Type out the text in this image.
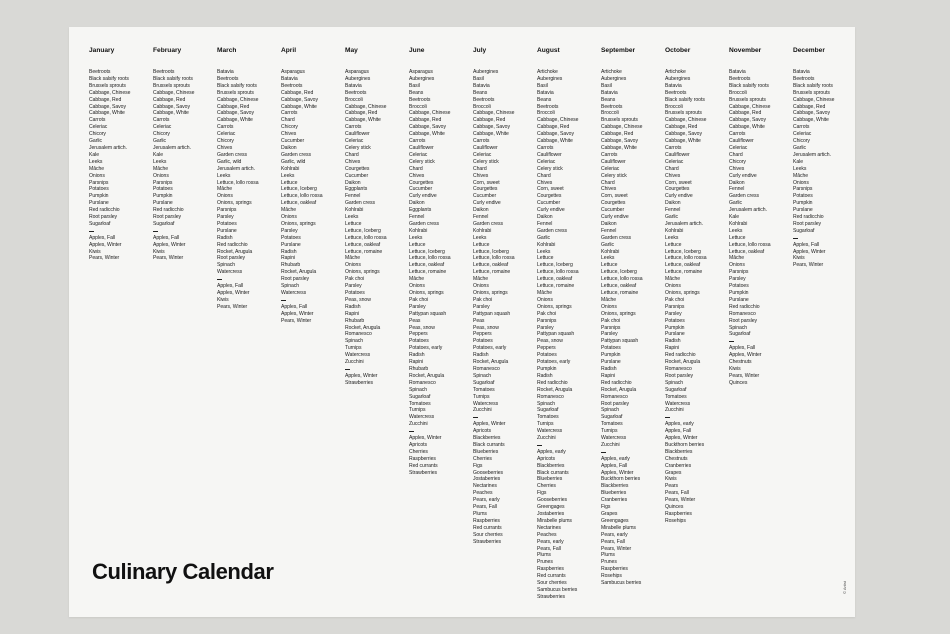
January
Beetroots
Black salsify roots
Brussels sprouts
Cabbage, Chinese
Cabbage, Red
Cabbage, Savoy
Cabbage, White
Carrots
Celeriac
Chicory
Garlic
Jerusalem artich.
Kale
Leeks
Mâche
Onions
Parsnips
Potatoes
Pumpkin
Purslane
Red radicchio
Root parsley
Sugarloaf
Apples, Fall
Apples, Winter
Kiwis
Pears, Winter
February
Beetroots
Black salsify roots
Brussels sprouts
Cabbage, Chinese
Cabbage, Red
Cabbage, Savoy
Cabbage, White
Carrots
Celeriac
Chicory
Garlic
Jerusalem artich.
Kale
Leeks
Mâche
Onions
Parsnips
Potatoes
Pumpkin
Purslane
Red radicchio
Root parsley
Sugarloaf
Apples, Fall
Apples, Winter
Kiwis
Pears, Winter
March
Batavia
Beetroots
Black salsify roots
Brussels sprouts
Cabbage, Chinese
Cabbage, Red
Cabbage, Savoy
Cabbage, White
Carrots
Celeriac
Chicory
Chives
Garden cress
Garlic, wild
Jerusalem artich.
Leeks
Lettuce, lollo rossa
Mâche
Onions
Onions, springs
Parsnips
Parsley
Potatoes
Purslane
Radish
Red radicchio
Rocket, Arugula
Root parsley
Spinach
Watercress
Apples, Fall
Apples, Winter
Kiwis
Pears, Winter
April
Asparagus
Batavia
Beetroots
Cabbage, Red
Cabbage, Savoy
Cabbage, White
Carrots
Chard
Chicory
Chives
Cucumber
Daikon
Garden cress
Garlic, wild
Kohlrabi
Leeks
Lettuce
Lettuce, Iceberg
Lettuce, lollo rossa
Lettuce, oakleaf
Mâche
Onions
Onions, springs
Parsley
Potatoes
Purslane
Radish
Rapini
Rhubarb
Rocket, Arugula
Root parsley
Spinach
Watercress
Apples, Fall
Apples, Winter
Pears, Winter
May
Asparagus
Aubergines
Batavia
Beetroots
Broccoli
Cabbage, Chinese
Cabbage, Red
Cabbage, White
Carrots
Cauliflower
Celeriac
Celery stick
Chard
Chives
Courgettes
Cucumber
Daikon
Eggplants
Fennel
Garden cress
Kohlrabi
Leeks
Lettuce
Lettuce, Iceberg
Lettuce, lollo rossa
Lettuce, oakleaf
Lettuce, romaine
Mâche
Onions
Onions, springs
Pak choi
Parsley
Potatoes
Peas, snow
Radish
Rapini
Rhubarb
Rocket, Arugula
Romanesco
Spinach
Turnips
Watercress
Zucchini
Apples, Winter
Strawberries
June
Asparagus
Aubergines
Basil
Beans
Beetroots
Broccoli
Cabbage, Chinese
Cabbage, Red
Cabbage, Savoy
Cabbage, White
Carrots
Cauliflower
Celeriac
Celery stick
Chard
Chives
Courgettes
Cucumber
Curly endive
Daikon
Eggplants
Fennel
Garden cress
Kohlrabi
Leeks
Lettuce
Lettuce, Iceberg
Lettuce, lollo rossa
Lettuce, oakleaf
Lettuce, romaine
Mâche
Onions
Onions, springs
Pak choi
Parsley
Pattypan squash
Peas
Peas, snow
Peppers
Potatoes
Potatoes, early
Radish
Rapini
Rhubarb
Rocket, Arugula
Romanesco
Spinach
Sugarloaf
Tomatoes
Turnips
Watercress
Zucchini
Apples, Winter
Apricots
Cherries
Raspberries
Red currants
Strawberries
July
Aubergines
Basil
Batavia
Beans
Beetroots
Broccoli
Cabbage, Chinese
Cabbage, Red
Cabbage, Savoy
Cabbage, White
Carrots
Cauliflower
Celeriac
Celery stick
Chard
Chives
Corn, sweet
Courgettes
Cucumber
Curly endive
Daikon
Fennel
Garden cress
Kohlrabi
Leeks
Lettuce
Lettuce, Iceberg
Lettuce, lollo rossa
Lettuce, oakleaf
Lettuce, romaine
Mâche
Onions
Onions, springs
Pak choi
Parsley
Pattypan squash
Peas
Peas, snow
Peppers
Potatoes
Potatoes, early
Radish
Rocket, Arugula
Romanesco
Spinach
Sugarloaf
Tomatoes
Turnips
Watercress
Zucchini
Apples, Winter
Apricots
Blackberries
Black currants
Blueberries
Cherries
Figs
Gooseberries
Jostaberries
Nectarines
Peaches
Pears, early
Pears, Fall
Plums
Raspberries
Red currants
Sour cherries
Strawberries
August
Artichoke
Aubergines
Basil
Batavia
Beans
Beetroots
Broccoli
Cabbage, Chinese
Cabbage, Red
Cabbage, Savoy
Cabbage, White
Carrots
Cauliflower
Celeriac
Celery stick
Chard
Chives
Corn, sweet
Courgettes
Cucumber
Curly endive
Daikon
Fennel
Garden cress
Garlic
Kohlrabi
Leeks
Lettuce
Lettuce, Iceberg
Lettuce, lollo rossa
Lettuce, oakleaf
Lettuce, romaine
Mâche
Onions
Onions, springs
Pak choi
Parsnips
Parsley
Pattypan squash
Peas, snow
Peppers
Potatoes
Potatoes, early
Pumpkin
Radish
Red radicchio
Rocket, Arugula
Romanesco
Spinach
Sugarloaf
Tomatoes
Turnips
Watercress
Zucchini
Apples, early
Apricots
Blackberries
Black currants
Blueberries
Cherries
Figs
Gooseberries
Greengages
Jostaberries
Mirabelle plums
Nectarines
Peaches
Pears, early
Pears, Fall
Plums
Prunes
Raspberries
Red currants
Sour cherries
Sambucus berries
Strawberries
September
Artichoke
Aubergines
Basil
Batavia
Beans
Beetroots
Broccoli
Brussels sprouts
Cabbage, Chinese
Cabbage, Red
Cabbage, Savoy
Cabbage, White
Carrots
Cauliflower
Celeriac
Celery stick
Chard
Chives
Corn, sweet
Courgettes
Cucumber
Curly endive
Daikon
Fennel
Garden cress
Garlic
Kohlrabi
Leeks
Lettuce
Lettuce, Iceberg
Lettuce, lollo rossa
Lettuce, oakleaf
Lettuce, romaine
Mâche
Onions
Onions, springs
Pak choi
Parsnips
Parsley
Pattypan squash
Potatoes
Pumpkin
Purslane
Radish
Rapini
Red radicchio
Rocket, Arugula
Romanesco
Root parsley
Spinach
Sugarloaf
Tomatoes
Turnips
Watercress
Zucchini
Apples, early
Apples, Fall
Apples, Winter
Buckthorn berries
Blackberries
Blueberries
Cranberries
Figs
Grapes
Greengages
Mirabelle plums
Pears, early
Pears, Fall
Pears, Winter
Plums
Prunes
Raspberries
Rosehips
Sambucus berries
October
Artichoke
Aubergines
Batavia
Beetroots
Black salsify roots
Broccoli
Brussels sprouts
Cabbage, Chinese
Cabbage, Red
Cabbage, Savoy
Cabbage, White
Carrots
Cauliflower
Celeriac
Chard
Chives
Corn, sweet
Courgettes
Curly endive
Daikon
Fennel
Garlic
Jerusalem artich.
Kohlrabi
Leeks
Lettuce
Lettuce, Iceberg
Lettuce, lollo rossa
Lettuce, oakleaf
Lettuce, romaine
Mâche
Onions
Onions, springs
Pak choi
Parsnips
Parsley
Potatoes
Pumpkin
Purslane
Radish
Rapini
Red radicchio
Rocket, Arugula
Romanesco
Root parsley
Spinach
Sugarloaf
Tomatoes
Watercress
Zucchini
Apples, early
Apples, Fall
Apples, Winter
Buckthorn berries
Blackberries
Chestnuts
Cranberries
Grapes
Kiwis
Pears
Pears, Fall
Pears, Winter
Quinces
Raspberries
Rosehips
November
Batavia
Beetroots
Black salsify roots
Broccoli
Brussels sprouts
Cabbage, Chinese
Cabbage, Red
Cabbage, Savoy
Cabbage, White
Carrots
Cauliflower
Celeriac
Chard
Chicory
Chives
Curly endive
Daikon
Fennel
Garden cress
Garlic
Jerusalem artich.
Kale
Kohlrabi
Leeks
Lettuce
Lettuce, lollo rossa
Lettuce, oakleaf
Mâche
Onions
Parsnips
Parsley
Potatoes
Pumpkin
Purslane
Red radicchio
Romanesco
Root parsley
Spinach
Sugarloaf
Apples, Fall
Apples, Winter
Chestnuts
Kiwis
Pears, Winter
Quinces
December
Batavia
Beetroots
Black salsify roots
Brussels sprouts
Cabbage, Chinese
Cabbage, Red
Cabbage, Savoy
Cabbage, White
Carrots
Celeriac
Chicory
Garlic
Jerusalem artich.
Kale
Leeks
Mâche
Onions
Parsnips
Potatoes
Pumpkin
Purslane
Red radicchio
Root parsley
Sugarloaf
Apples, Fall
Apples, Winter
Kiwis
Pears, Winter
Culinary Calendar
© Artist
